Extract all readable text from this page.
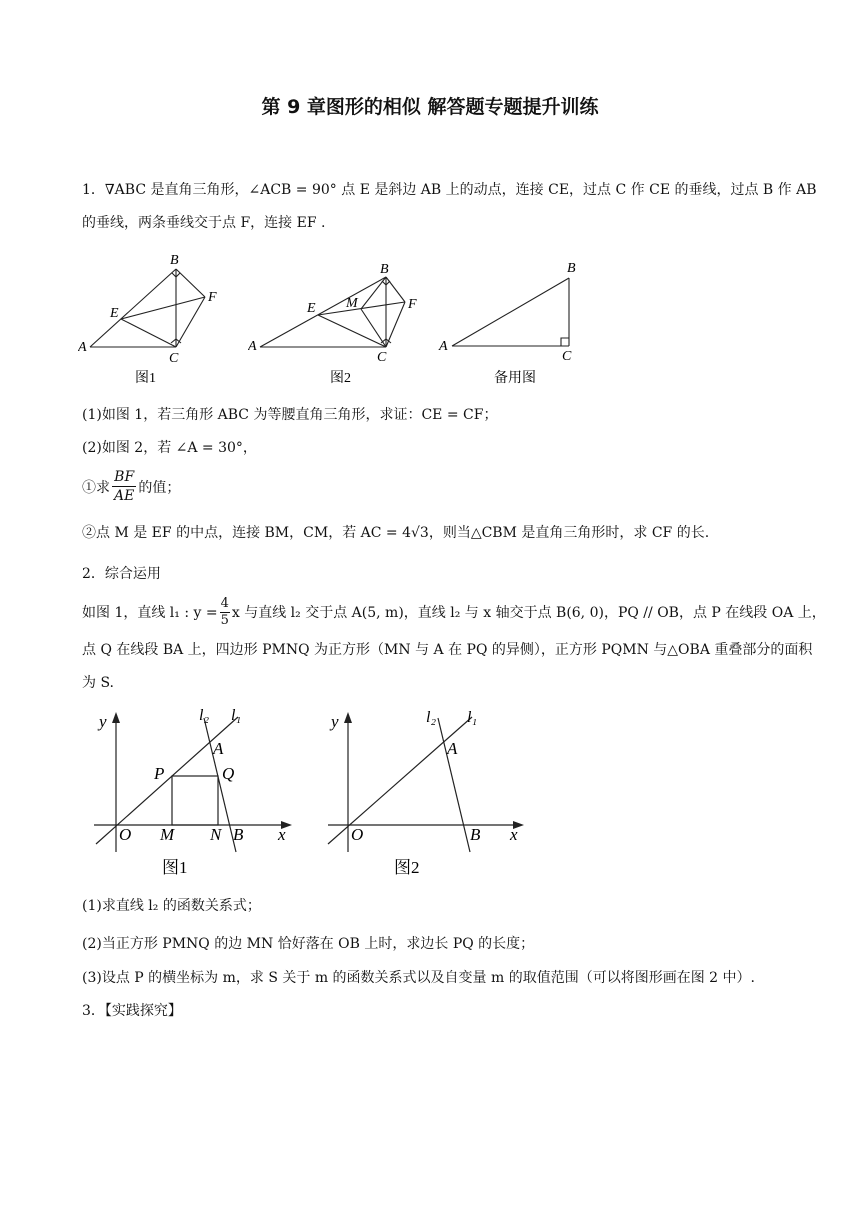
第 9 章图形的相似 解答题专题提升训练
1．∇ABC 是直角三角形，∠ACB = 90° 点 E 是斜边 AB 上的动点，连接 CE，过点 C 作 CE 的垂线，过点 B 作 AB
的垂线，两条垂线交于点 F，连接 EF .
A
B
C
E
F
图1
A
B
C
E M	F
图2
A
B
C
备用图
(1)如图 1，若三角形 ABC 为等腰直角三角形，求证：CE = CF；
(2)如图 2，若 ∠A = 30°，
①求 $\frac{BF}{AE}$ 的值；
②点 M 是 EF 的中点，连接 BM，CM，若 AC = 4√3，则当△CBM 是直角三角形时，求 CF 的长.
2．综合运用
如图 1，直线 l₁ : $y = \frac{4}{5}$ x 与直线 l₂ 交于点 A(5, m)，直线 l₂ 与 x 轴交于点 B(6, 0)，PQ // OB，点 P 在线段 OA 上，
点 Q 在线段 BA 上，四边形 PMNQ 为正方形（MN 与 A 在 PQ 的异侧），正方形 PQMN 与△OBA 重叠部分的面积
为 S.
y
x
O	B
A
P	Q
M N
l₂ l₁
图1
y
x
O	B
A
l₂ l₁
图2
(1)求直线 l₂ 的函数关系式；
(2)当正方形 PMNQ 的边 MN 恰好落在 OB 上时，求边长 PQ 的长度；
(3)设点 P 的横坐标为 m，求 S 关于 m 的函数关系式以及自变量 m 的取值范围（可以将图形画在图 2 中）.
3．【实践探究】
